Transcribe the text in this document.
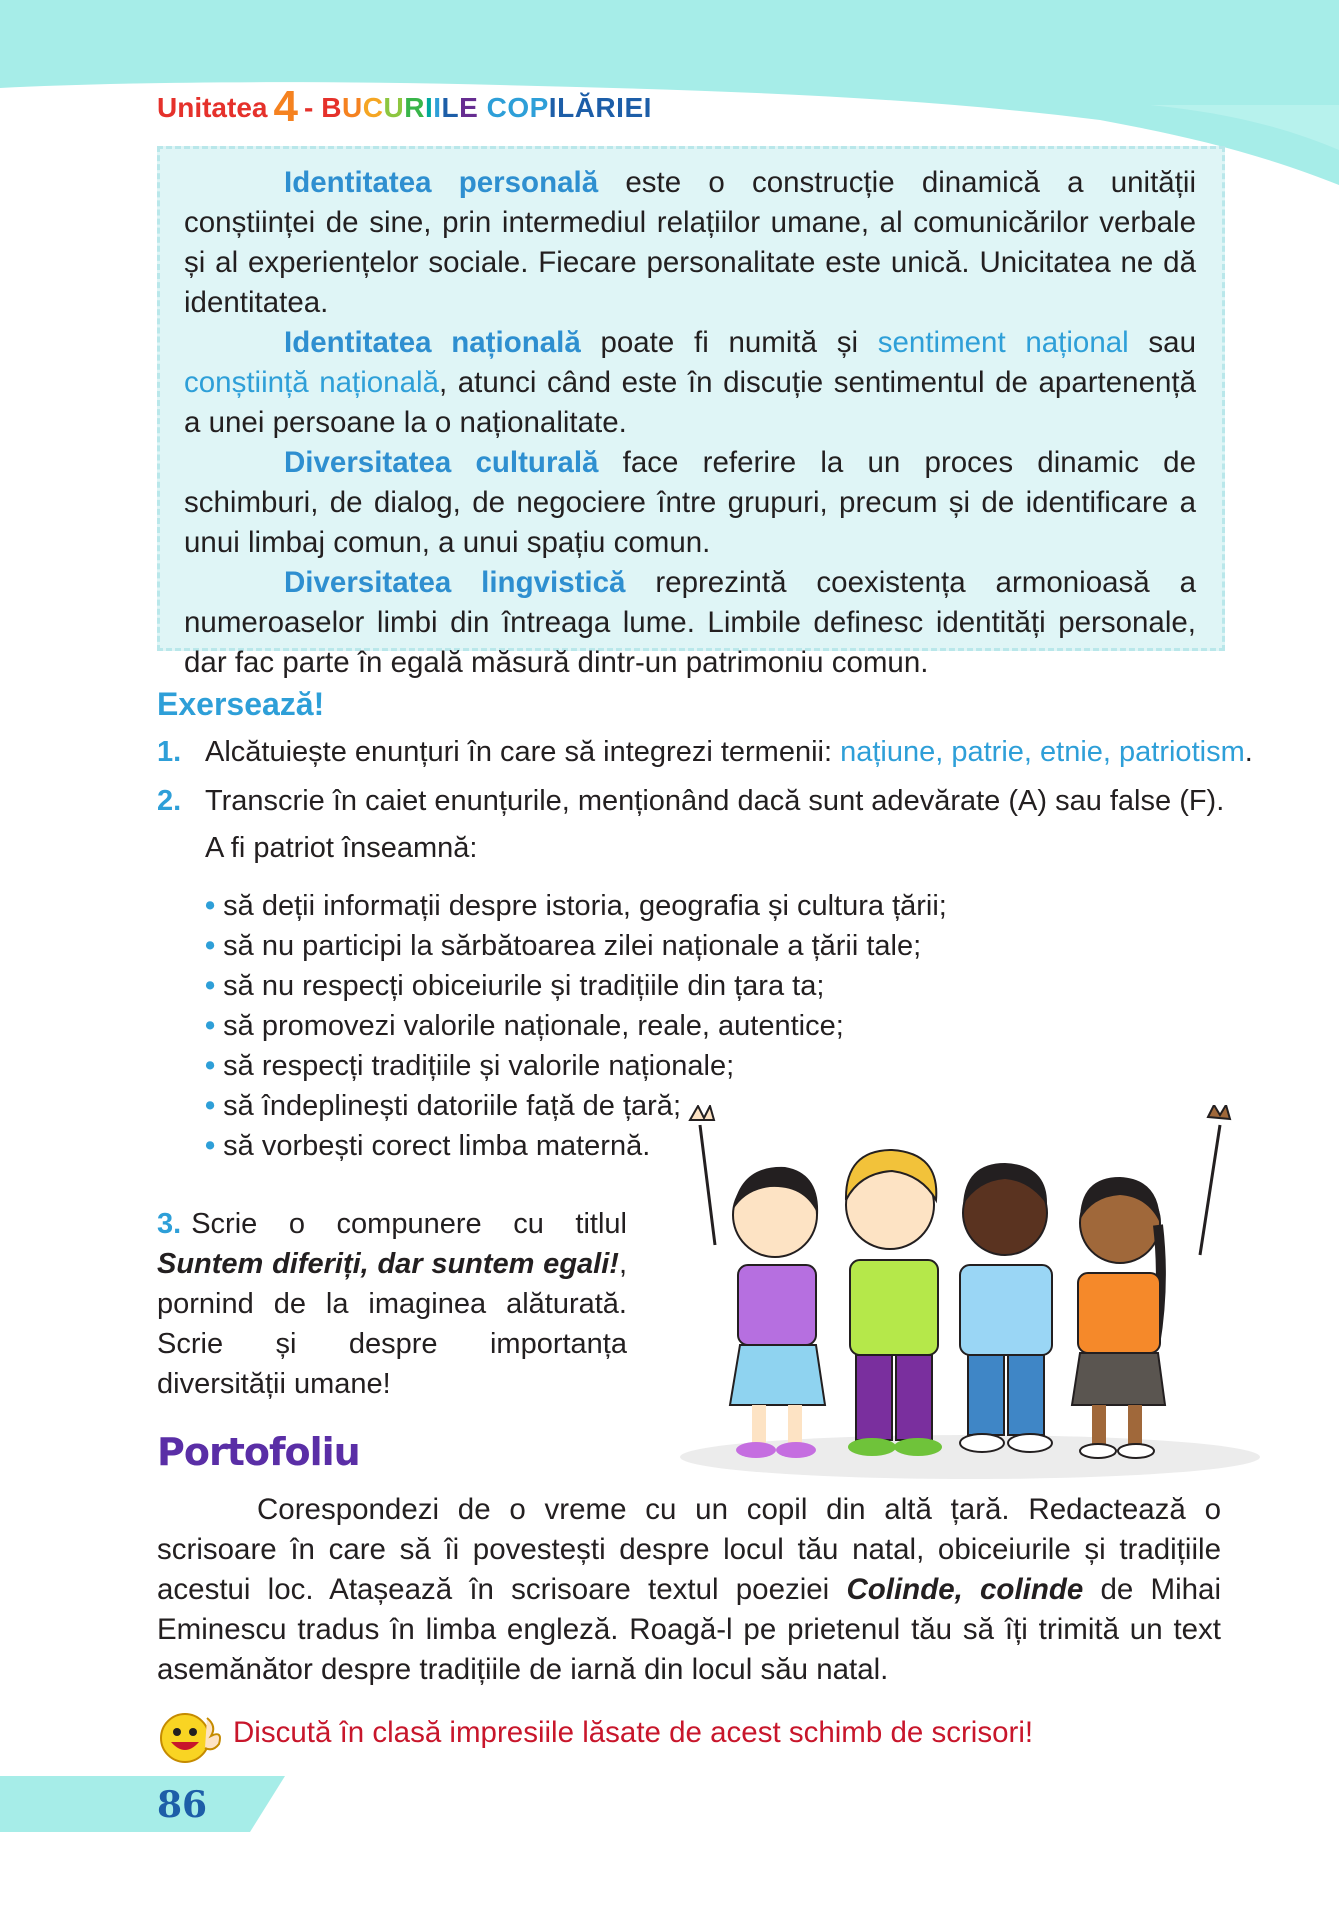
Unitatea 4 - BUCURIILE COPILĂRIEI

Identitatea personală este o construcție dinamică a unității conștiinței de sine, prin intermediul relațiilor umane, al comunicărilor verbale și al experiențelor sociale. Fiecare personalitate este unică. Unicitatea ne dă identitatea.

Identitatea națională poate fi numită și sentiment național sau conștiință națională, atunci când este în discuție sentimentul de apartenență a unei persoane la o naționalitate.

Diversitatea culturală face referire la un proces dinamic de schimburi, de dialog, de negociere între grupuri, precum și de identificare a unui limbaj comun, a unui spațiu comun.

Diversitatea lingvistică reprezintă coexistența armonioasă a numeroaselor limbi din întreaga lume. Limbile definesc identități personale, dar fac parte în egală măsură dintr-un patrimoniu comun.

Exersează!
1. Alcătuiește enunțuri în care să integrezi termenii: națiune, patrie, etnie, patriotism.
2. Transcrie în caiet enunțurile, menționând dacă sunt adevărate (A) sau false (F).
A fi patriot înseamnă:
• să deții informații despre istoria, geografia și cultura țării;
• să nu participi la sărbătoarea zilei naționale a țării tale;
• să nu respecți obiceiurile și tradițiile din țara ta;
• să promovezi valorile naționale, reale, autentice;
• să respecți tradițiile și valorile naționale;
• să îndeplinești datoriile față de țară;
• să vorbești corect limba maternă.
3. Scrie o compunere cu titlul Suntem diferiți, dar suntem egali!, pornind de la imaginea alăturată. Scrie și despre importanța diversității umane!
Portofoliu

Corespondezi de o vreme cu un copil din altă țară. Redactează o scrisoare în care să îi povestești despre locul tău natal, obiceiurile și tradițiile acestui loc. Atașează în scrisoare textul poeziei Colinde, colinde de Mihai Eminescu tradus în limba engleză. Roagă-l pe prietenul tău să îți trimită un text asemănător despre tradițiile de iarnă din locul său natal.

Discută în clasă impresiile lăsate de acest schimb de scrisori!
86
